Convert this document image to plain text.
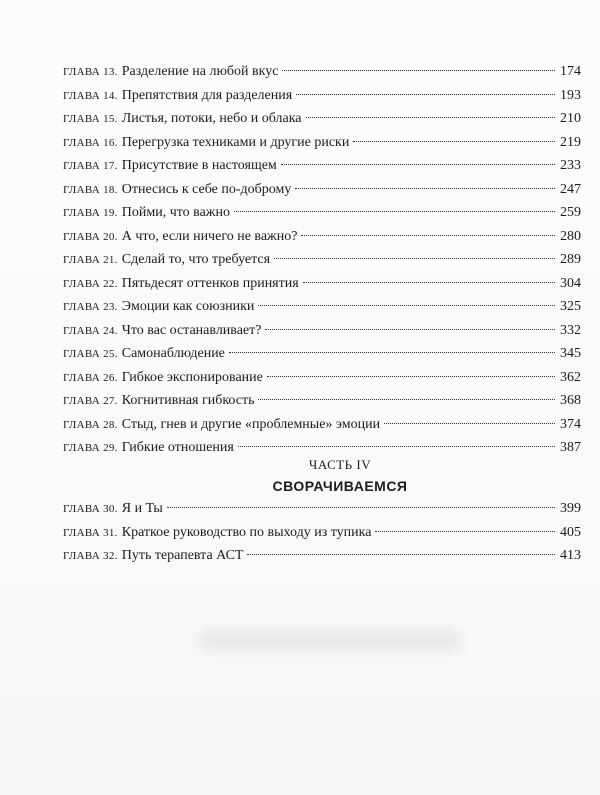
ГЛАВА 13. Разделение на любой вкус	174
ГЛАВА 14. Препятствия для разделения	193
ГЛАВА 15. Листья, потоки, небо и облака	210
ГЛАВА 16. Перегрузка техниками и другие риски	219
ГЛАВА 17. Присутствие в настоящем	233
ГЛАВА 18. Отнесись к себе по-доброму	247
ГЛАВА 19. Пойми, что важно	259
ГЛАВА 20. А что, если ничего не важно?	280
ГЛАВА 21. Сделай то, что требуется	289
ГЛАВА 22. Пятьдесят оттенков принятия	304
ГЛАВА 23. Эмоции как союзники	325
ГЛАВА 24. Что вас останавливает?	332
ГЛАВА 25. Самонаблюдение	345
ГЛАВА 26. Гибкое экспонирование	362
ГЛАВА 27. Когнитивная гибкость	368
ГЛАВА 28. Стыд, гнев и другие «проблемные» эмоции	374
ГЛАВА 29. Гибкие отношения	387
ЧАСТЬ IV
СВОРАЧИВАЕМСЯ
ГЛАВА 30. Я и Ты	399
ГЛАВА 31. Краткое руководство по выходу из тупика	405
ГЛАВА 32. Путь терапевта АСТ	413
